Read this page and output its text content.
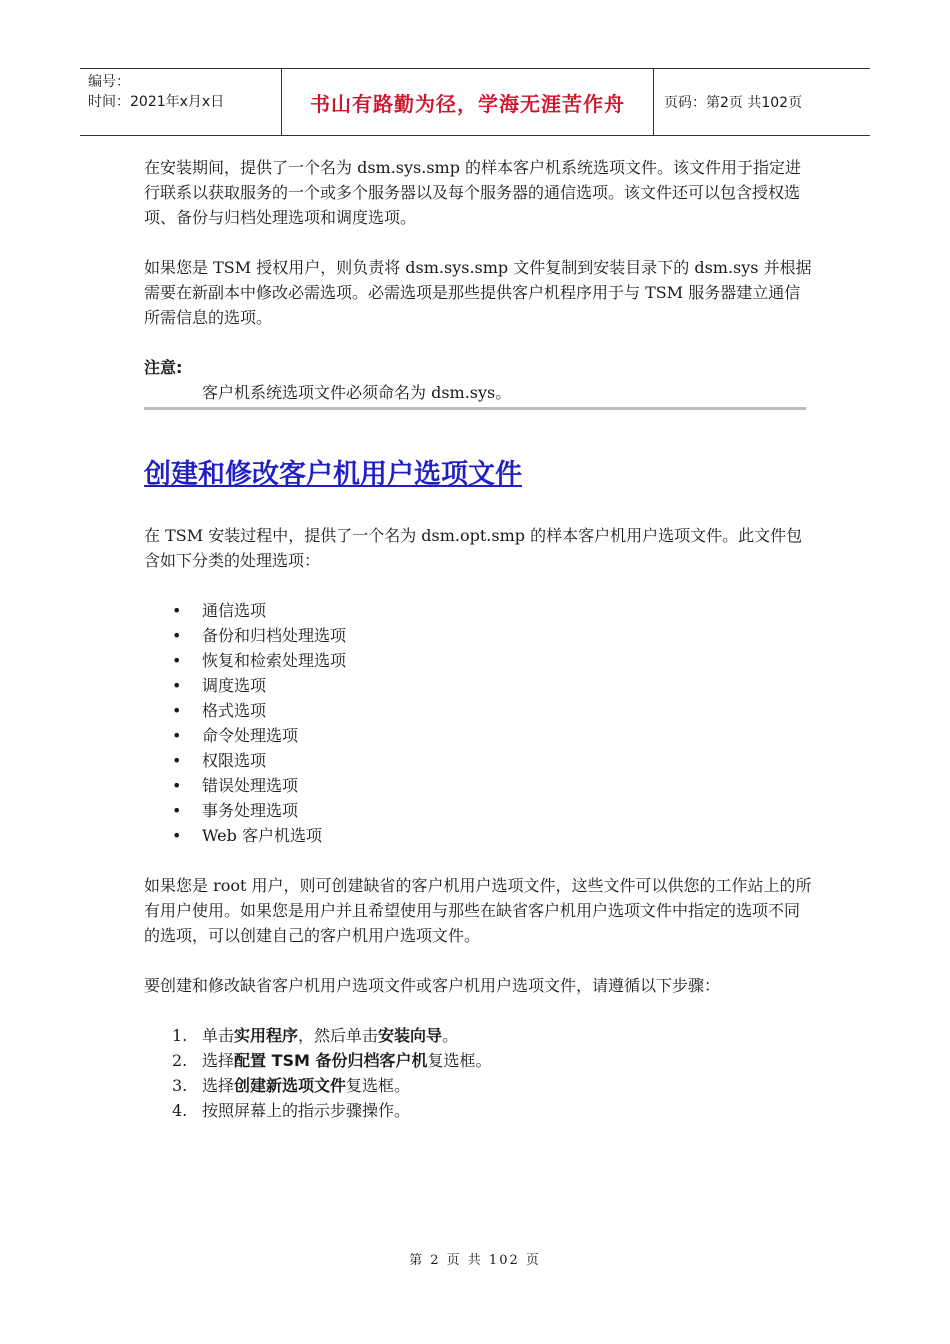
编号：
时间：2021年x月x日	书山有路勤为径，学海无涯苦作舟	页码：第2页 共102页

在安装期间，提供了一个名为 dsm.sys.smp 的样本客户机系统选项文件。该文件用于指定进行联系以获取服务的一个或多个服务器以及每个服务器的通信选项。该文件还可以包含授权选项、备份与归档处理选项和调度选项。

如果您是 TSM 授权用户，则负责将 dsm.sys.smp 文件复制到安装目录下的 dsm.sys 并根据需要在新副本中修改必需选项。必需选项是那些提供客户机程序用于与 TSM 服务器建立通信所需信息的选项。

注意:
客户机系统选项文件必须命名为 dsm.sys。
创建和修改客户机用户选项文件

在 TSM 安装过程中，提供了一个名为 dsm.opt.smp 的样本客户机用户选项文件。此文件包含如下分类的处理选项：

• 通信选项
• 备份和归档处理选项
• 恢复和检索处理选项
• 调度选项
• 格式选项
• 命令处理选项
• 权限选项
• 错误处理选项
• 事务处理选项
• Web 客户机选项

如果您是 root 用户，则可创建缺省的客户机用户选项文件，这些文件可以供您的工作站上的所有用户使用。如果您是用户并且希望使用与那些在缺省客户机用户选项文件中指定的选项不同的选项，可以创建自己的客户机用户选项文件。

要创建和修改缺省客户机用户选项文件或客户机用户选项文件，请遵循以下步骤：

1. 单击实用程序，然后单击安装向导。
2. 选择配置 TSM 备份归档客户机复选框。
3. 选择创建新选项文件复选框。
4. 按照屏幕上的指示步骤操作。
第 2 页 共 102 页
